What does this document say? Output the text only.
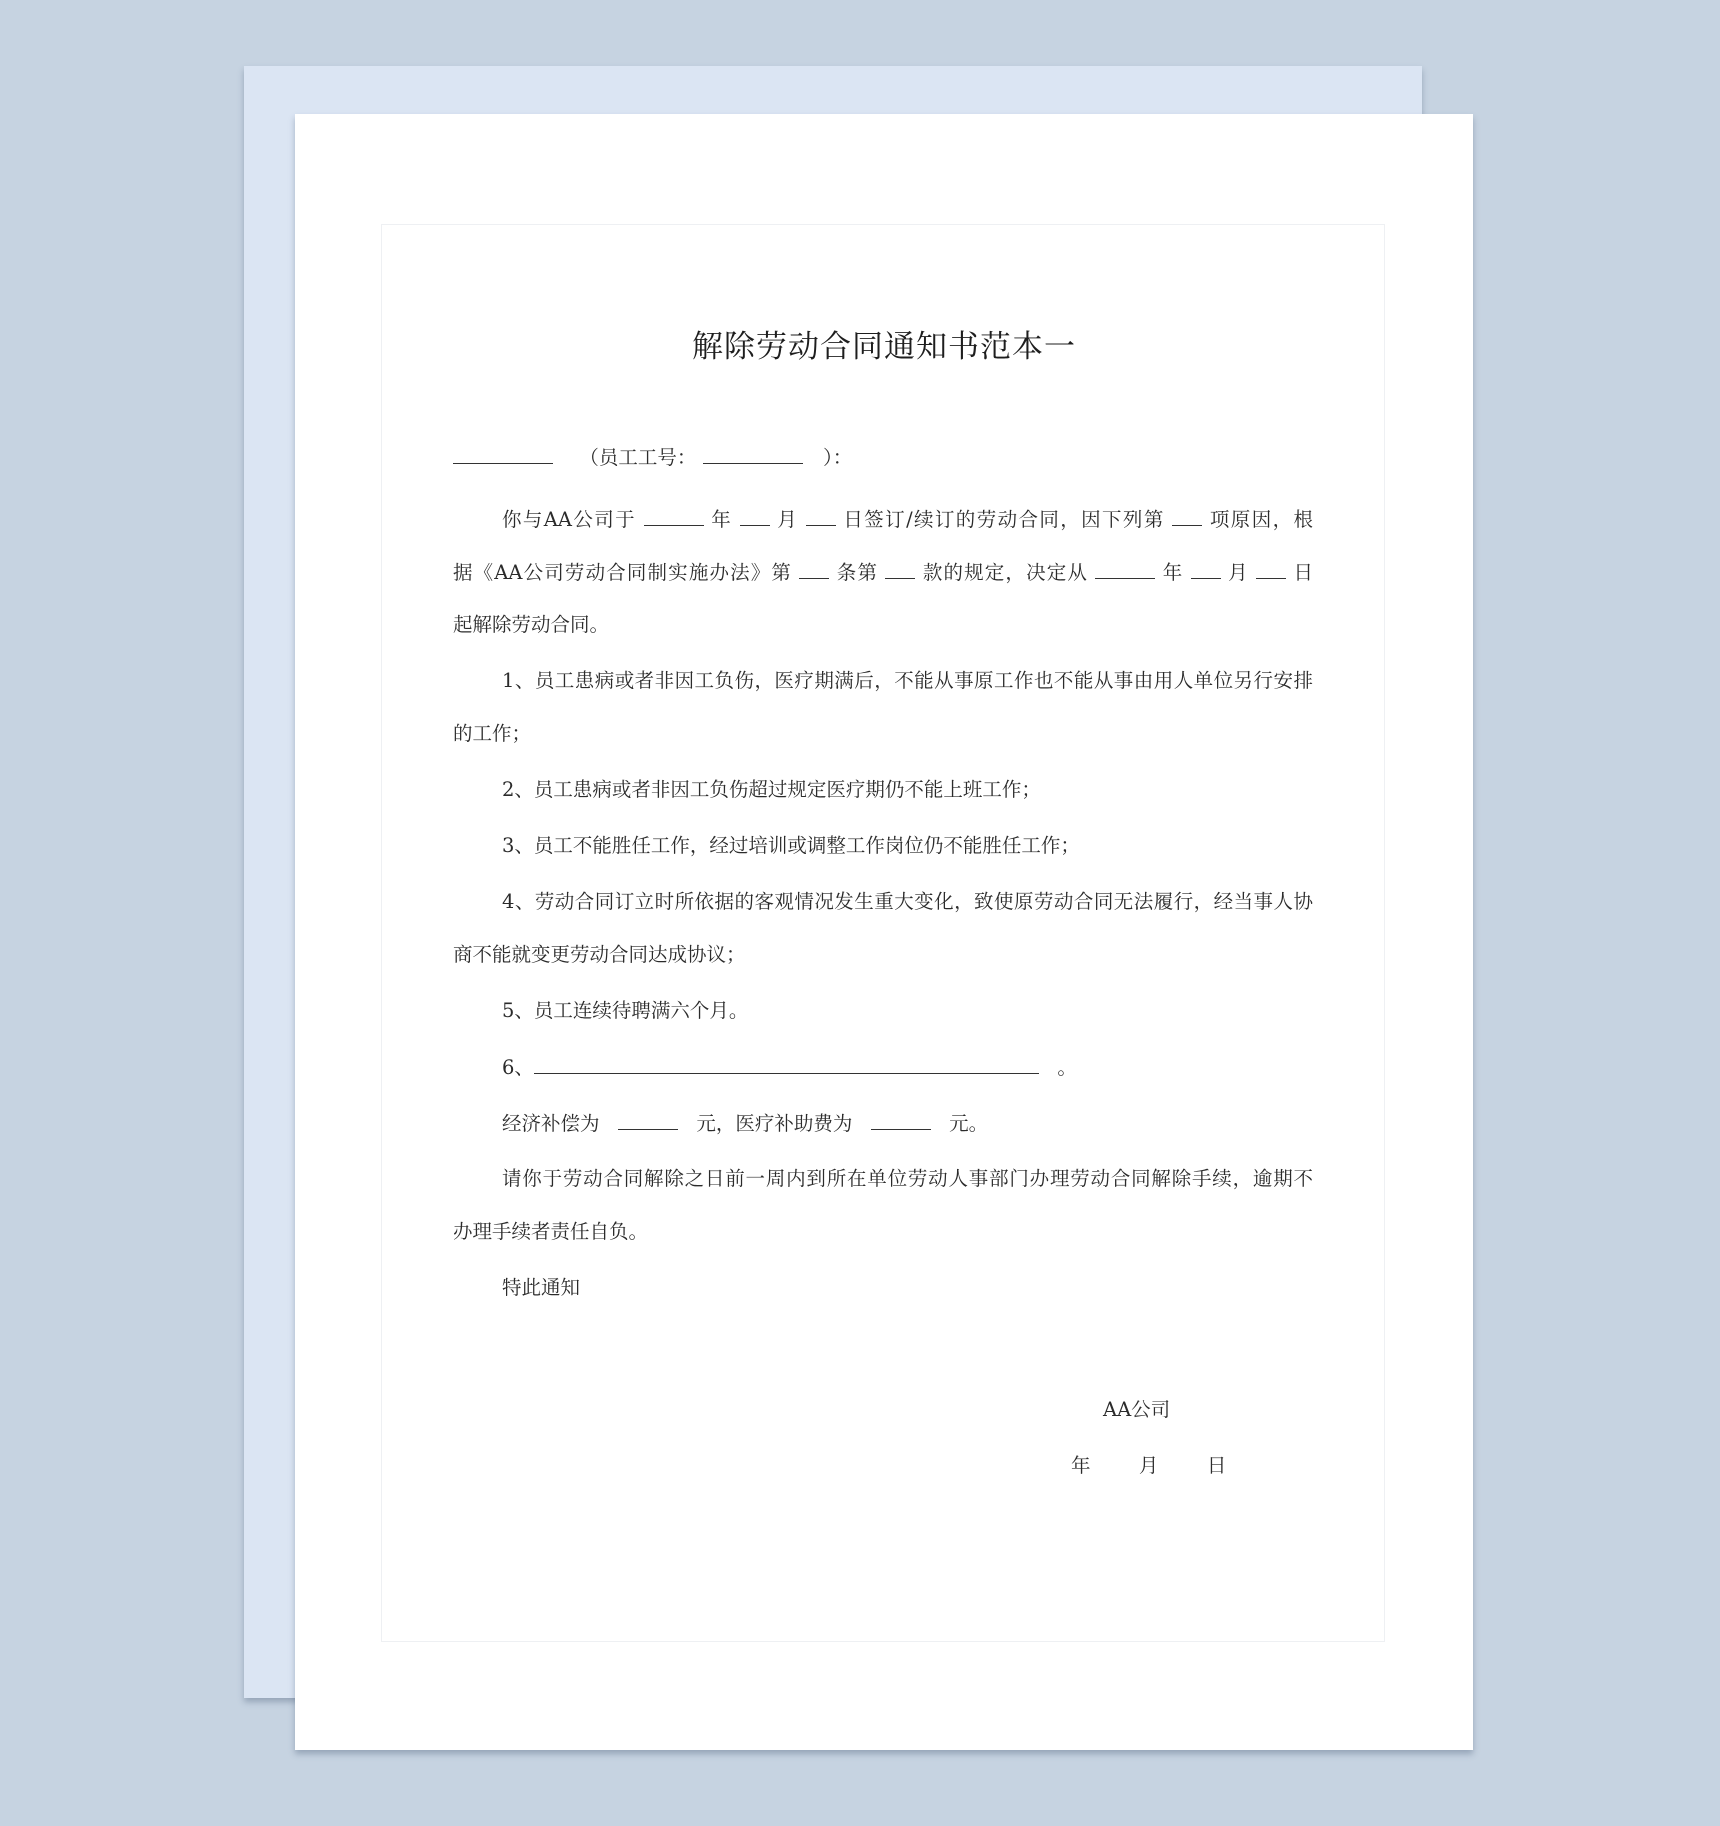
解除劳动合同通知书范本一
（员工工号：	）：
你与AA公司于	年 月 日签订/续订的劳动合同，因下列第 项原因，根
据《AA公司劳动合同制实施办法》第 条第 款的规定，决定从	年 月 日
起解除劳动合同。
1、员工患病或者非因工负伤，医疗期满后，不能从事原工作也不能从事由用人单位另行安排
的工作；
2、员工患病或者非因工负伤超过规定医疗期仍不能上班工作；
3、员工不能胜任工作，经过培训或调整工作岗位仍不能胜任工作；
4、劳动合同订立时所依据的客观情况发生重大变化，致使原劳动合同无法履行，经当事人协
商不能就变更劳动合同达成协议；
5、员工连续待聘满六个月。
6、	。
经济补偿为	元，医疗补助费为	元。
请你于劳动合同解除之日前一周内到所在单位劳动人事部门办理劳动合同解除手续，逾期不
办理手续者责任自负。
特此通知
AA公司
年 月 日
